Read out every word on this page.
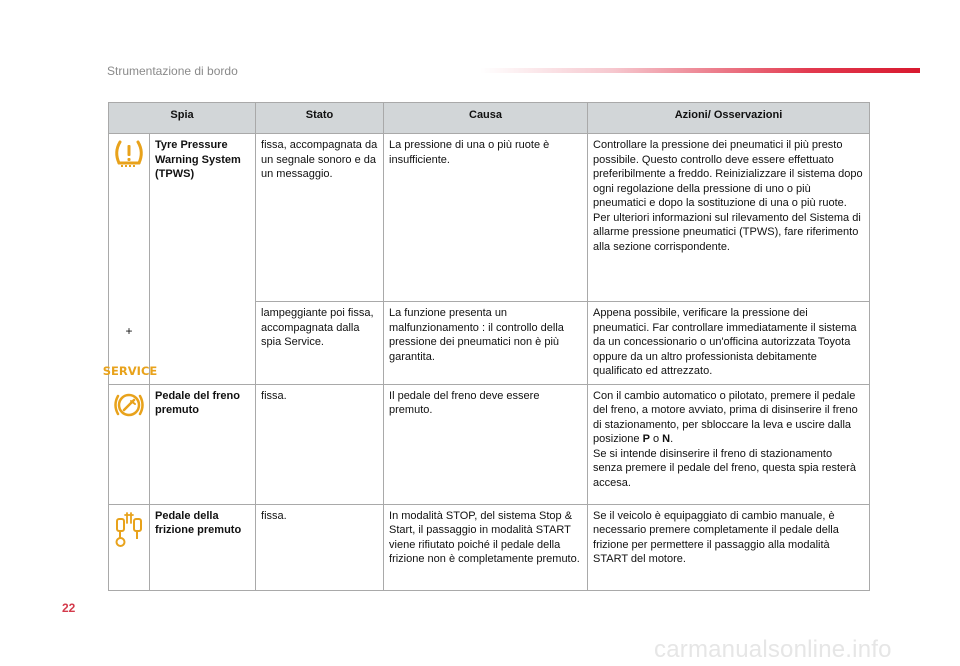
Strumentazione di bordo
Spia		Stato	Causa	Azioni/ Osservazioni

+
SERVICE	Tyre Pressure Warning System (TPWS)	fissa, accompagnata da un segnale sonoro e da un messaggio.	La pressione di una o più ruote è insufficiente.	Controllare la pressione dei pneumatici il più presto possibile. Questo controllo deve essere effettuato preferibilmente a freddo. Reinizializzare il sistema dopo ogni regolazione della pressione di uno o più pneumatici e dopo la sostituzione di una o più ruote. Per ulteriori informazioni sul rilevamento del Sistema di allarme pressione pneumatici (TPWS), fare riferimento alla sezione corrispondente.
		lampeggiante poi fissa, accompagnata dalla spia Service.	La funzione presenta un malfunzionamento : il controllo della pressione dei pneumatici non è più garantita.	Appena possibile, verificare la pressione dei pneumatici. Far controllare immediatamente il sistema da un concessionario o un'officina autorizzata Toyota oppure da un altro professionista debitamente qualificato ed attrezzato.

	Pedale del freno premuto	fissa.	Il pedale del freno deve essere premuto.	Con il cambio automatico o pilotato, premere il pedale del freno, a motore avviato, prima di disinserire il freno di stazionamento, per sbloccare la leva e uscire dalla posizione P o N.
Se si intende disinserire il freno di stazionamento senza premere il pedale del freno, questa spia resterà accesa.

	Pedale della frizione premuto	fissa.	In modalità STOP, del sistema Stop & Start, il passaggio in modalità START viene rifiutato poiché il pedale della frizione non è completamente premuto.	Se il veicolo è equipaggiato di cambio manuale, è necessario premere completamente il pedale della frizione per permettere il passaggio alla modalità START del motore.
22
carmanualsonline.info
